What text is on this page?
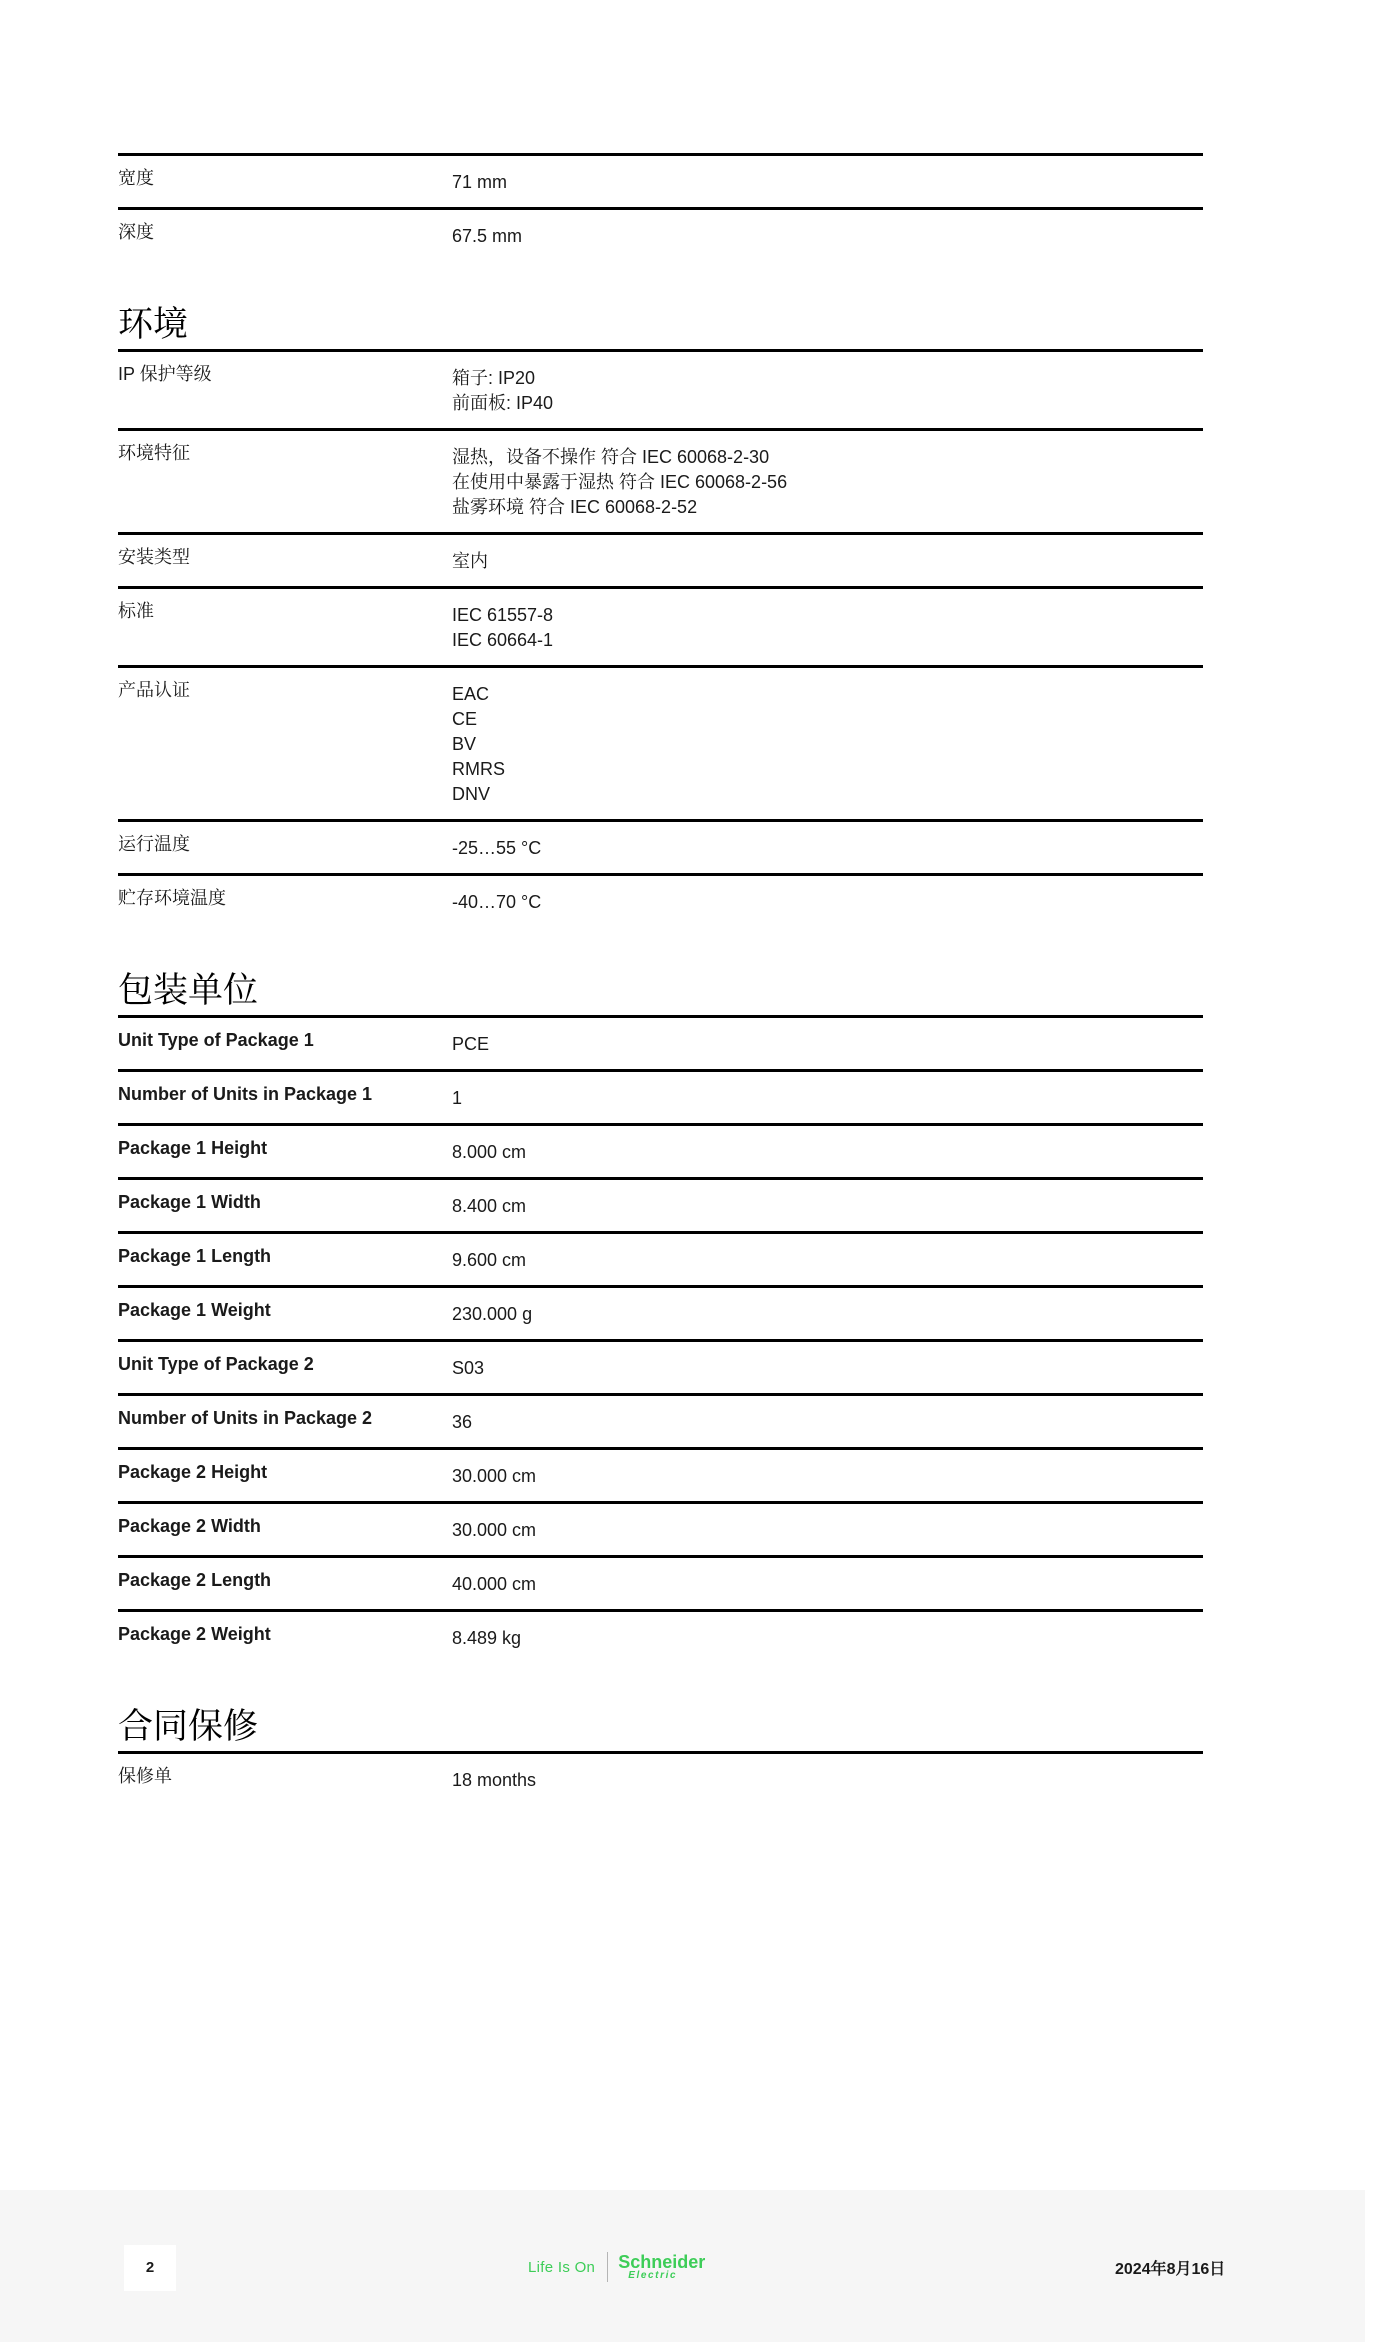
宽度	71 mm
深度	67.5 mm
环境
IP 保护等级	箱子: IP20
前面板: IP40
环境特征	湿热，设备不操作 符合 IEC 60068-2-30
在使用中暴露于湿热 符合 IEC 60068-2-56
盐雾环境 符合 IEC 60068-2-52
安装类型	室内
标准	IEC 61557-8
IEC 60664-1
产品认证	EAC
CE
BV
RMRS
DNV
运行温度	-25…55 °C
贮存环境温度	-40…70 °C
包装单位
Unit Type of Package 1	PCE
Number of Units in Package 1	1
Package 1 Height	8.000 cm
Package 1 Width	8.400 cm
Package 1 Length	9.600 cm
Package 1 Weight	230.000 g
Unit Type of Package 2	S03
Number of Units in Package 2	36
Package 2 Height	30.000 cm
Package 2 Width	30.000 cm
Package 2 Length	40.000 cm
Package 2 Weight	8.489 kg
合同保修
保修单	18 months
2	Life Is On Schneider
Electric	2024年8月16日
